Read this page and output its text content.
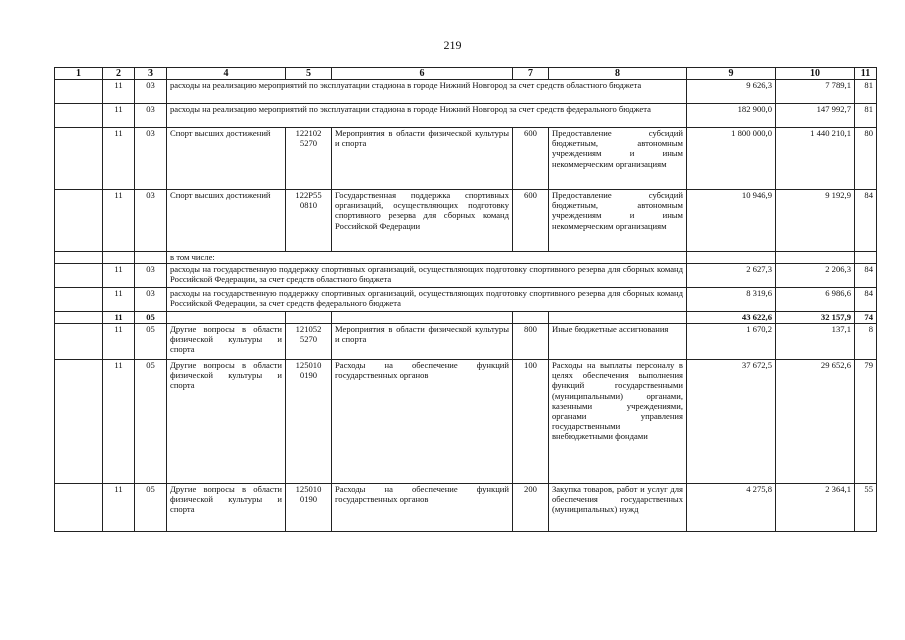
219
1	2	3	4	5	6	7	8	9	10	11
	11	03	расходы на реализацию мероприятий по эксплуатации стадиона в городе Нижний Новгород за счет средств областного бюджета					9 626,3	7 789,1	81
	11	03	расходы на реализацию мероприятий по эксплуатации стадиона в городе Нижний Новгород за счет средств федерального бюджета					182 900,0	147 992,7	81
	11	03	Спорт высших достижений	122102 5270	Мероприятия в области физической культуры и спорта	600	Предоставление субсидий бюджетным, автономным учреждениям и иным некоммерческим организациям	1 800 000,0	1 440 210,1	80
	11	03	Спорт высших достижений	122Р55 0810	Государственная поддержка спортивных организаций, осуществляющих подготовку спортивного резерва для сборных команд Российской Федерации	600	Предоставление субсидий бюджетным, автономным учреждениям и иным некоммерческим организациям	10 946,9	9 192,9	84
			в том числе:							
	11	03	расходы на государственную поддержку спортивных организаций, осуществляющих подготовку спортивного резерва для сборных команд Российской Федерации, за счет средств областного бюджета					2 627,3	2 206,3	84
	11	03	расходы на государственную поддержку спортивных организаций, осуществляющих подготовку спортивного резерва для сборных команд Российской Федерации, за счет средств федерального бюджета					8 319,6	6 986,6	84
	11	05						43 622,6	32 157,9	74
	11	05	Другие вопросы в области физической культуры и спорта	121052 5270	Мероприятия в области физической культуры и спорта	800	Иные бюджетные ассигнования	1 670,2	137,1	8
	11	05	Другие вопросы в области физической культуры и спорта	125010 0190	Расходы на обеспечение функций государственных органов	100	Расходы на выплаты персоналу в целях обеспечения выполнения функций государственными (муниципальными) органами, казенными учреждениями, органами управления государственными внебюджетными фондами	37 672,5	29 652,6	79
	11	05	Другие вопросы в области физической культуры и спорта	125010 0190	Расходы на обеспечение функций государственных органов	200	Закупка товаров, работ и услуг для обеспечения государственных (муниципальных) нужд	4 275,8	2 364,1	55
